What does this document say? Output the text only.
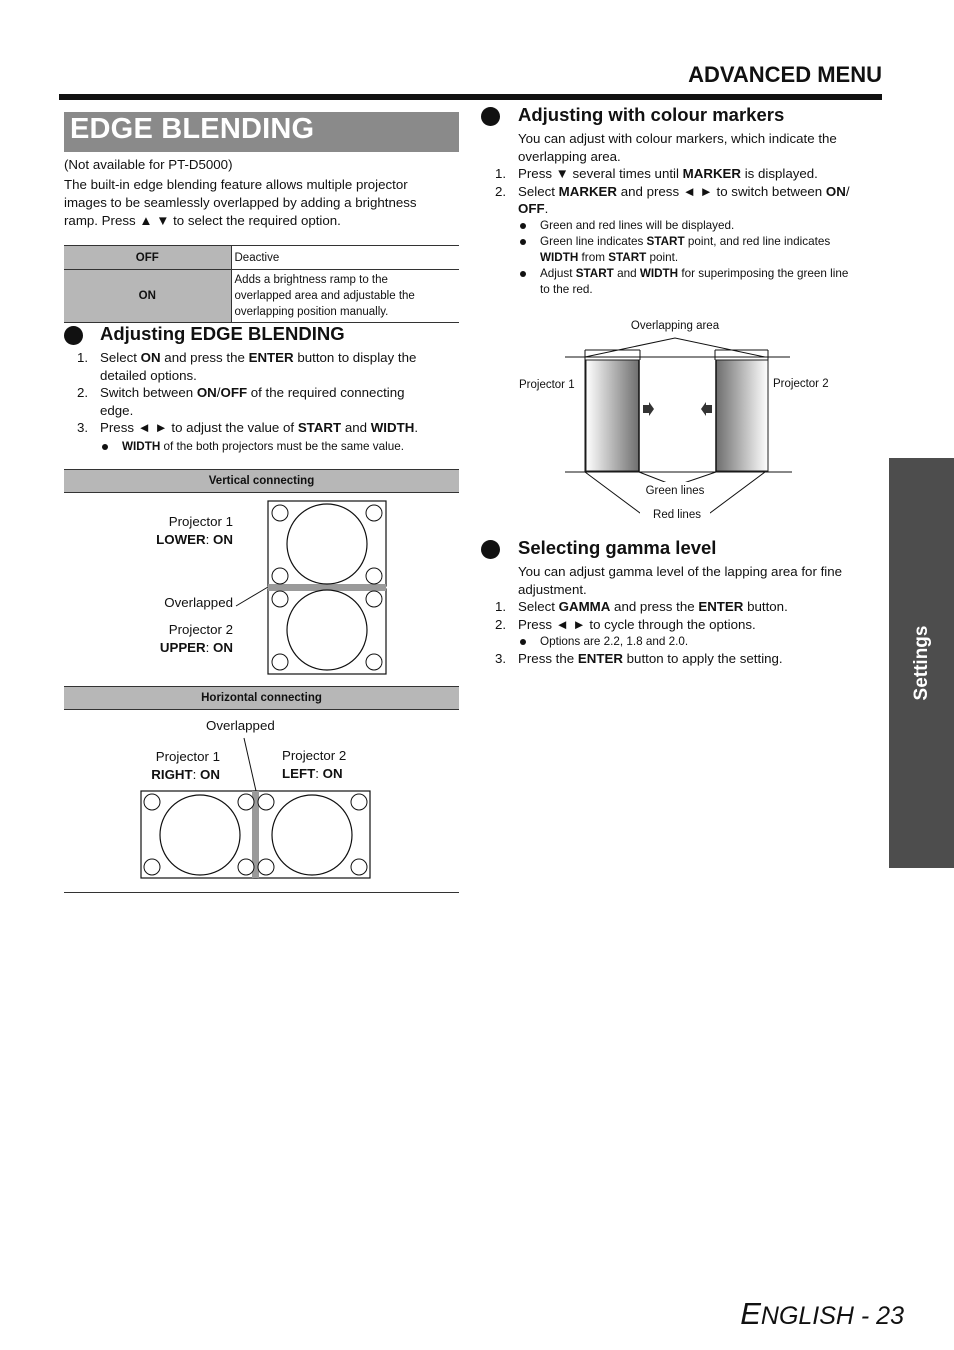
ADVANCED MENU
EDGE BLENDING
(Not available for PT-D5000)
The built-in edge blending feature allows multiple projector
images to be seamlessly overlapped by adding a brightness
ramp. Press ▲ ▼ to select the required option.
OFF	Deactive

ON	Adds a brightness ramp to the
overlapped area and adjustable the
overlapping position manually.
Adjusting EDGE BLENDING
1. Select ON and press the ENTER button to display the
detailed options.
2. Switch between ON/OFF of the required connecting
edge.
3. Press ◄ ► to adjust the value of START and WIDTH.
WIDTH of the both projectors must be the same value.
Vertical connecting
Projector 1
LOWER: ON
Overlapped
Projector 2
UPPER: ON
Horizontal connecting
Overlapped
Projector 1
RIGHT: ON
Projector 2
LEFT: ON
Adjusting with colour markers
You can adjust with colour markers, which indicate the
overlapping area.
1. Press ▼ several times until MARKER is displayed.
2. Select MARKER and press ◄ ► to switch between ON/
OFF.
Green and red lines will be displayed.
Green line indicates START point, and red line indicates
WIDTH from START point.
Adjust START and WIDTH for superimposing the green line
to the red.
Overlapping area
Projector 1	Projector 2
Green lines
Red lines
Selecting gamma level
You can adjust gamma level of the lapping area for fine
adjustment.
1. Select GAMMA and press the ENTER button.
2. Press ◄ ► to cycle through the options.
Options are 2.2, 1.8 and 2.0.
3. Press the ENTER button to apply the setting.	Settings
ENGLISH - 23
